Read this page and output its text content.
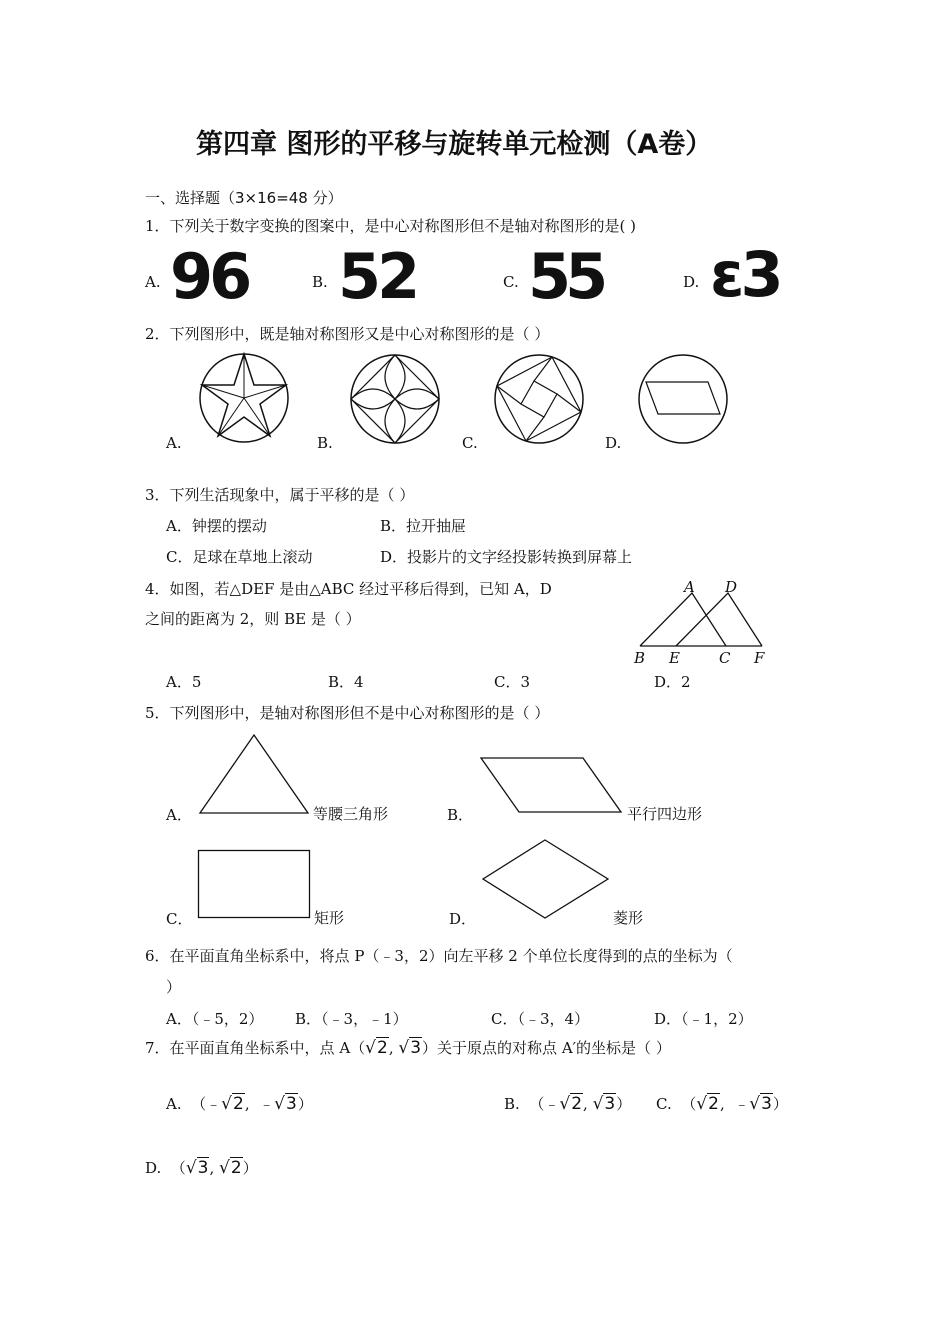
第四章 图形的平移与旋转单元检测（A卷）
一、选择题（3×16=48 分）
1．下列关于数字变换的图案中，是中心对称图形但不是轴对称图形的是( )
A. 96	B. 52	C. 55	D. ε3
2．下列图形中，既是轴对称图形又是中心对称图形的是（ ）
A.	B.	C.	D.
3．下列生活现象中，属于平移的是（ ）
A．钟摆的摆动	B．拉开抽屉
C．足球在草地上滚动	D．投影片的文字经投影转换到屏幕上
4．如图，若△DEF 是由△ABC 经过平移后得到，已知 A，D
之间的距离为 2，则 BE 是（ ）
A D
B E	C F
A．5	B．4	C．3	D．2
5．下列图形中，是轴对称图形但不是中心对称图形的是（ ）
A．	等腰三角形	B．	平行四边形
C．	矩形	D．	菱形
6．在平面直角坐标系中，将点 P（﹣3，2）向左平移 2 个单位长度得到的点的坐标为（
）
A．（﹣5，2） B．（﹣3，﹣1）	C．（﹣3，4）	D．（﹣1，2）
7．在平面直角坐标系中，点 A（√2, √3）关于原点的对称点 A′的坐标是（ ）
A.  （﹣√2,  ﹣√3）	B.  （﹣√2, √3） C.  （√2,  ﹣√3）
D.  （√3, √2）
